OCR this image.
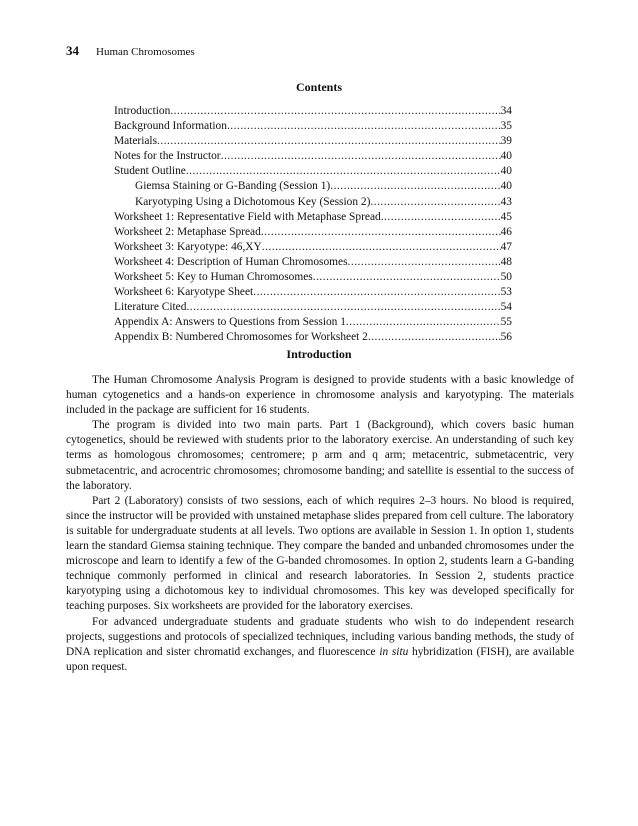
34 Human Chromosomes
Contents
Introduction .....	34
Background Information .....	35
Materials .....	39
Notes for the Instructor .....	40
Student Outline .....	40
Giemsa Staining or G-Banding (Session 1) .....	40
Karyotyping Using a Dichotomous Key (Session 2) .....	43
Worksheet 1: Representative Field with Metaphase Spread .....	45
Worksheet 2: Metaphase Spread .....	46
Worksheet 3: Karyotype: 46,XY .....	47
Worksheet 4: Description of Human Chromosomes .....	48
Worksheet 5: Key to Human Chromosomes .....	50
Worksheet 6: Karyotype Sheet .....	53
Literature Cited .....	54
Appendix A: Answers to Questions from Session 1 .....	55
Appendix B: Numbered Chromosomes for Worksheet 2 .....	56
Introduction

The Human Chromosome Analysis Program is designed to provide students with a basic knowledge of human cytogenetics and a hands-on experience in chromosome analysis and karyotyping. The materials included in the package are sufficient for 16 students.

The program is divided into two main parts. Part 1 (Background), which covers basic human cytogenetics, should be reviewed with students prior to the laboratory exercise. An understanding of such key terms as homologous chromosomes; centromere; p arm and q arm; metacentric, submetacentric, very submetacentric, and acrocentric chromosomes; chromosome banding; and satellite is essential to the success of the laboratory.

Part 2 (Laboratory) consists of two sessions, each of which requires 2–3 hours. No blood is required, since the instructor will be provided with unstained metaphase slides prepared from cell culture. The laboratory is suitable for undergraduate students at all levels. Two options are available in Session 1. In option 1, students learn the standard Giemsa staining technique. They compare the banded and unbanded chromosomes under the microscope and learn to identify a few of the G-banded chromosomes. In option 2, students learn a G-banding technique commonly performed in clinical and research laboratories. In Session 2, students practice karyotyping using a dichotomous key to individual chromosomes. This key was developed specifically for teaching purposes. Six worksheets are provided for the laboratory exercises.

For advanced undergraduate students and graduate students who wish to do independent research projects, suggestions and protocols of specialized techniques, including various banding methods, the study of DNA replication and sister chromatid exchanges, and fluorescence in situ hybridization (FISH), are available upon request.
